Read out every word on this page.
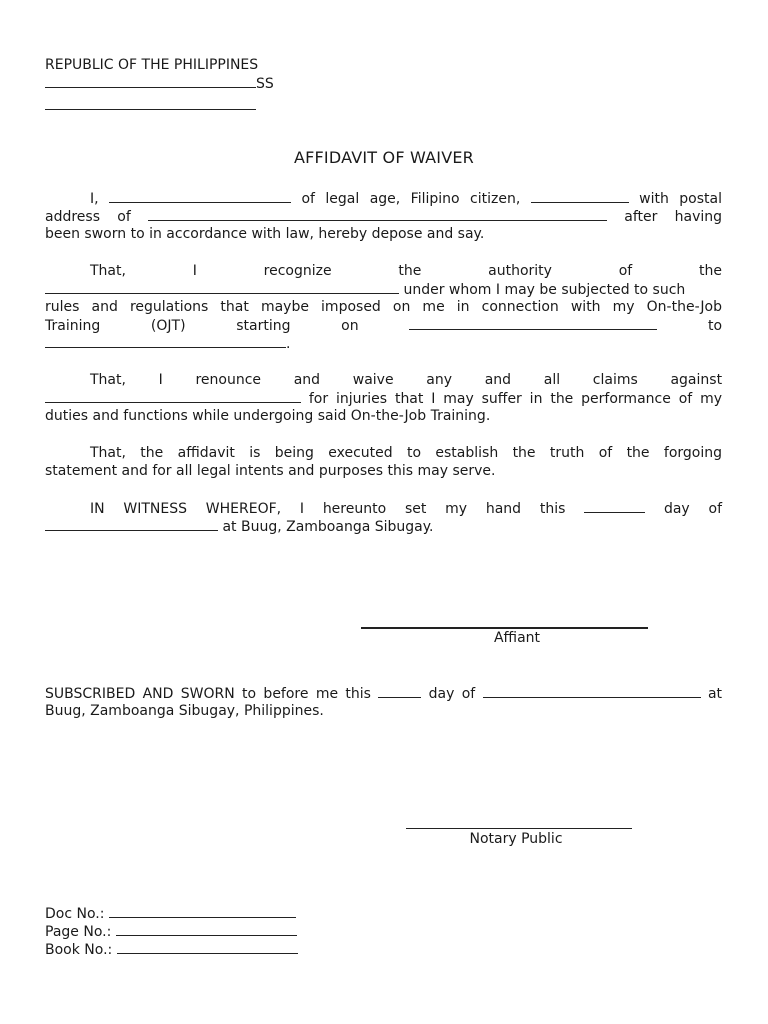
REPUBLIC OF THE PHILIPPINES
SS
AFFIDAVIT OF WAIVER
I,	of legal age, Filipino citizen,	with postal
address of	after having
been sworn to in accordance with law, hereby depose and say.
That,	I	recognize	the	authority	of	the
under whom I may be subjected to such
rules and regulations that maybe imposed on me in connection with my On-the-Job
Training	(OJT)	starting	on	to
.
That, I renounce and waive any and all claims against
for injuries that I may suffer in the performance of my
duties and functions while undergoing said On-the-Job Training.
That, the affidavit is being executed to establish the truth of the forgoing
statement and for all legal intents and purposes this may serve.
IN WITNESS WHEREOF, I hereunto set my hand this	day of
at Buug, Zamboanga Sibugay.
Affiant
SUBSCRIBED AND SWORN to before me this	day of	at
Buug, Zamboanga Sibugay, Philippines.
Notary Public
Doc No.:
Page No.:
Book No.:
